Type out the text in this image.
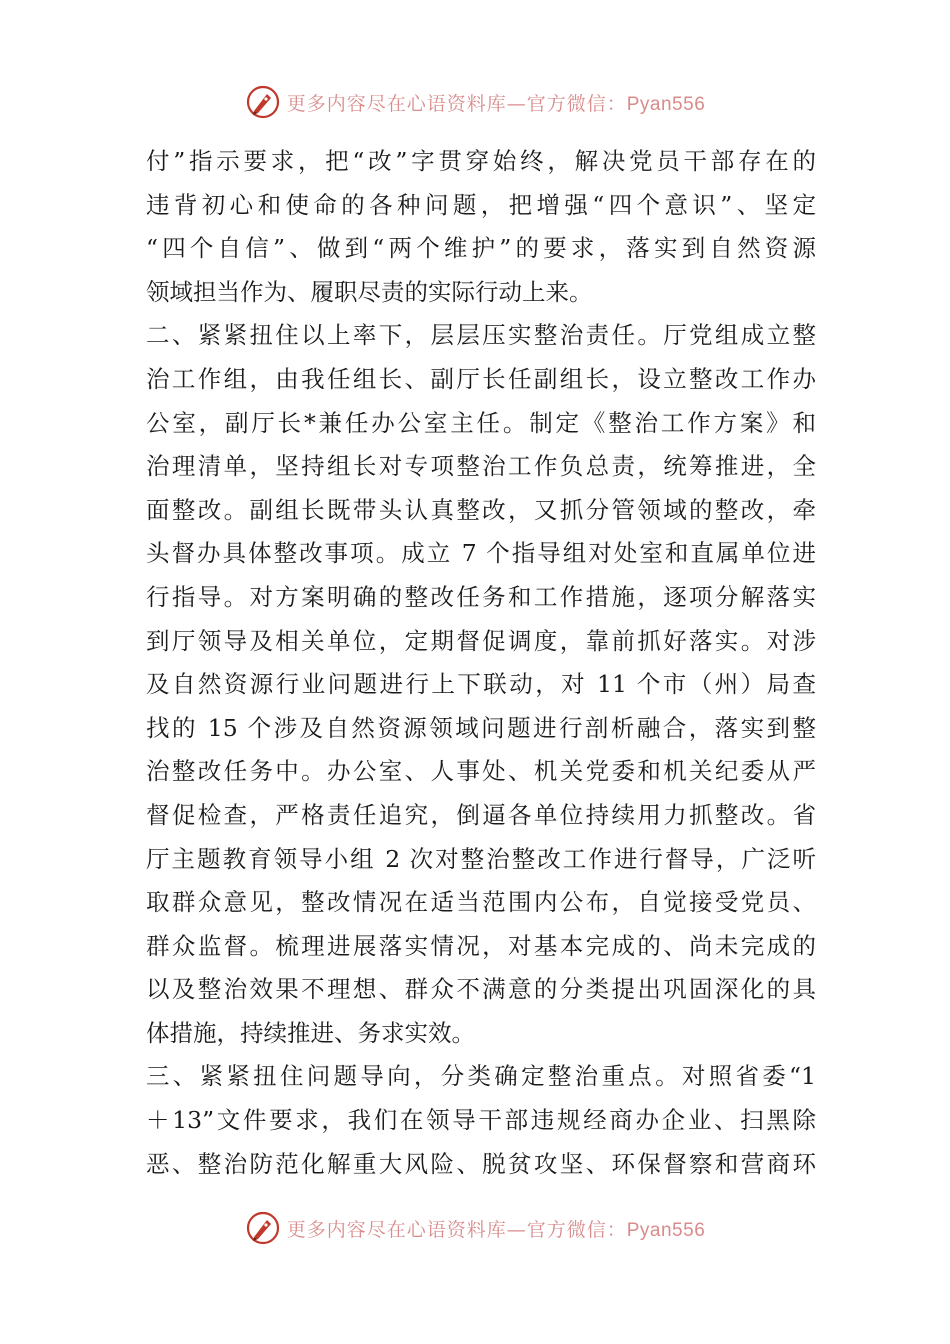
更多内容尽在心语资料库—官方微信：Pyan556
付”指示要求，把“改”字贯穿始终，解决党员干部存在的
违背初心和使命的各种问题，把增强“四个意识”、坚定
“四个自信”、做到“两个维护”的要求，落实到自然资源
领域担当作为、履职尽责的实际行动上来。
二、紧紧扭住以上率下，层层压实整治责任。厅党组成立整
治工作组，由我任组长、副厅长任副组长，设立整改工作办
公室，副厅长*兼任办公室主任。制定《整治工作方案》和
治理清单，坚持组长对专项整治工作负总责，统筹推进，全
面整改。副组长既带头认真整改，又抓分管领域的整改，牵
头督办具体整改事项。成立 7 个指导组对处室和直属单位进
行指导。对方案明确的整改任务和工作措施，逐项分解落实
到厅领导及相关单位，定期督促调度，靠前抓好落实。对涉
及自然资源行业问题进行上下联动，对 11 个市（州）局查
找的 15 个涉及自然资源领域问题进行剖析融合，落实到整
治整改任务中。办公室、人事处、机关党委和机关纪委从严
督促检查，严格责任追究，倒逼各单位持续用力抓整改。省
厅主题教育领导小组 2 次对整治整改工作进行督导，广泛听
取群众意见，整改情况在适当范围内公布，自觉接受党员、
群众监督。梳理进展落实情况，对基本完成的、尚未完成的
以及整治效果不理想、群众不满意的分类提出巩固深化的具
体措施，持续推进、务求实效。
三、紧紧扭住问题导向，分类确定整治重点。对照省委“1
＋13”文件要求，我们在领导干部违规经商办企业、扫黑除
恶、整治防范化解重大风险、脱贫攻坚、环保督察和营商环
更多内容尽在心语资料库—官方微信：Pyan556
